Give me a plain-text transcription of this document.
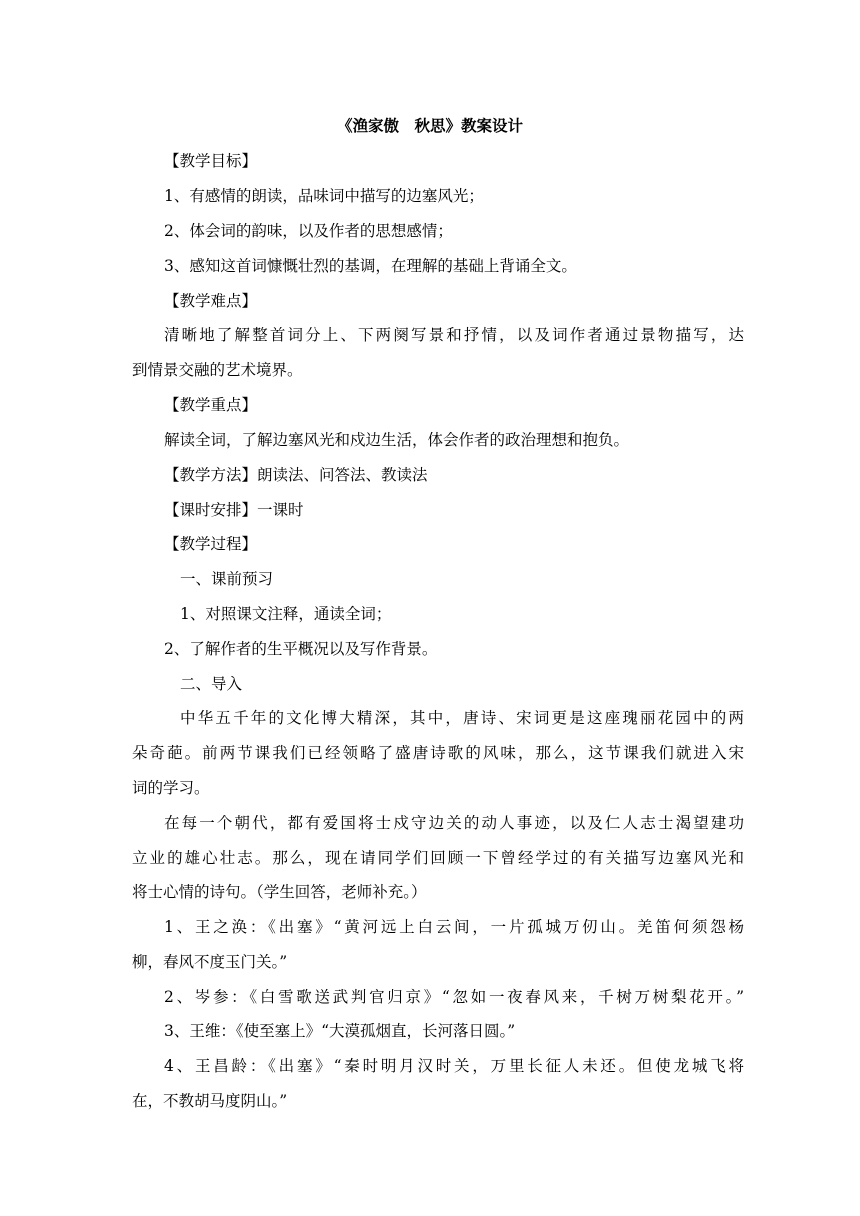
《渔家傲　秋思》教案设计
【教学目标】
1、有感情的朗读，品味词中描写的边塞风光；
2、体会词的韵味，以及作者的思想感情；
3、感知这首词慷慨壮烈的基调，在理解的基础上背诵全文。
【教学难点】
清晰地了解整首词分上、下两阕写景和抒情，以及词作者通过景物描写，达
到情景交融的艺术境界。
【教学重点】
解读全词，了解边塞风光和戍边生活，体会作者的政治理想和抱负。
【教学方法】朗读法、问答法、教读法
【课时安排】一课时
【教学过程】
一、课前预习
1、对照课文注释，通读全词；
2、了解作者的生平概况以及写作背景。
二、导入
中华五千年的文化博大精深，其中，唐诗、宋词更是这座瑰丽花园中的两
朵奇葩。前两节课我们已经领略了盛唐诗歌的风味，那么，这节课我们就进入宋
词的学习。
在每一个朝代，都有爱国将士戍守边关的动人事迹，以及仁人志士渴望建功
立业的雄心壮志。那么，现在请同学们回顾一下曾经学过的有关描写边塞风光和
将士心情的诗句。（学生回答，老师补充。）
1、王之涣：《出塞》“黄河远上白云间，一片孤城万仞山。羌笛何须怨杨
柳，春风不度玉门关。”
2、岑参：《白雪歌送武判官归京》“忽如一夜春风来，千树万树梨花开。”
3、王维：《使至塞上》“大漠孤烟直，长河落日圆。”
4、王昌龄：《出塞》“秦时明月汉时关，万里长征人未还。但使龙城飞将
在，不教胡马度阴山。”
